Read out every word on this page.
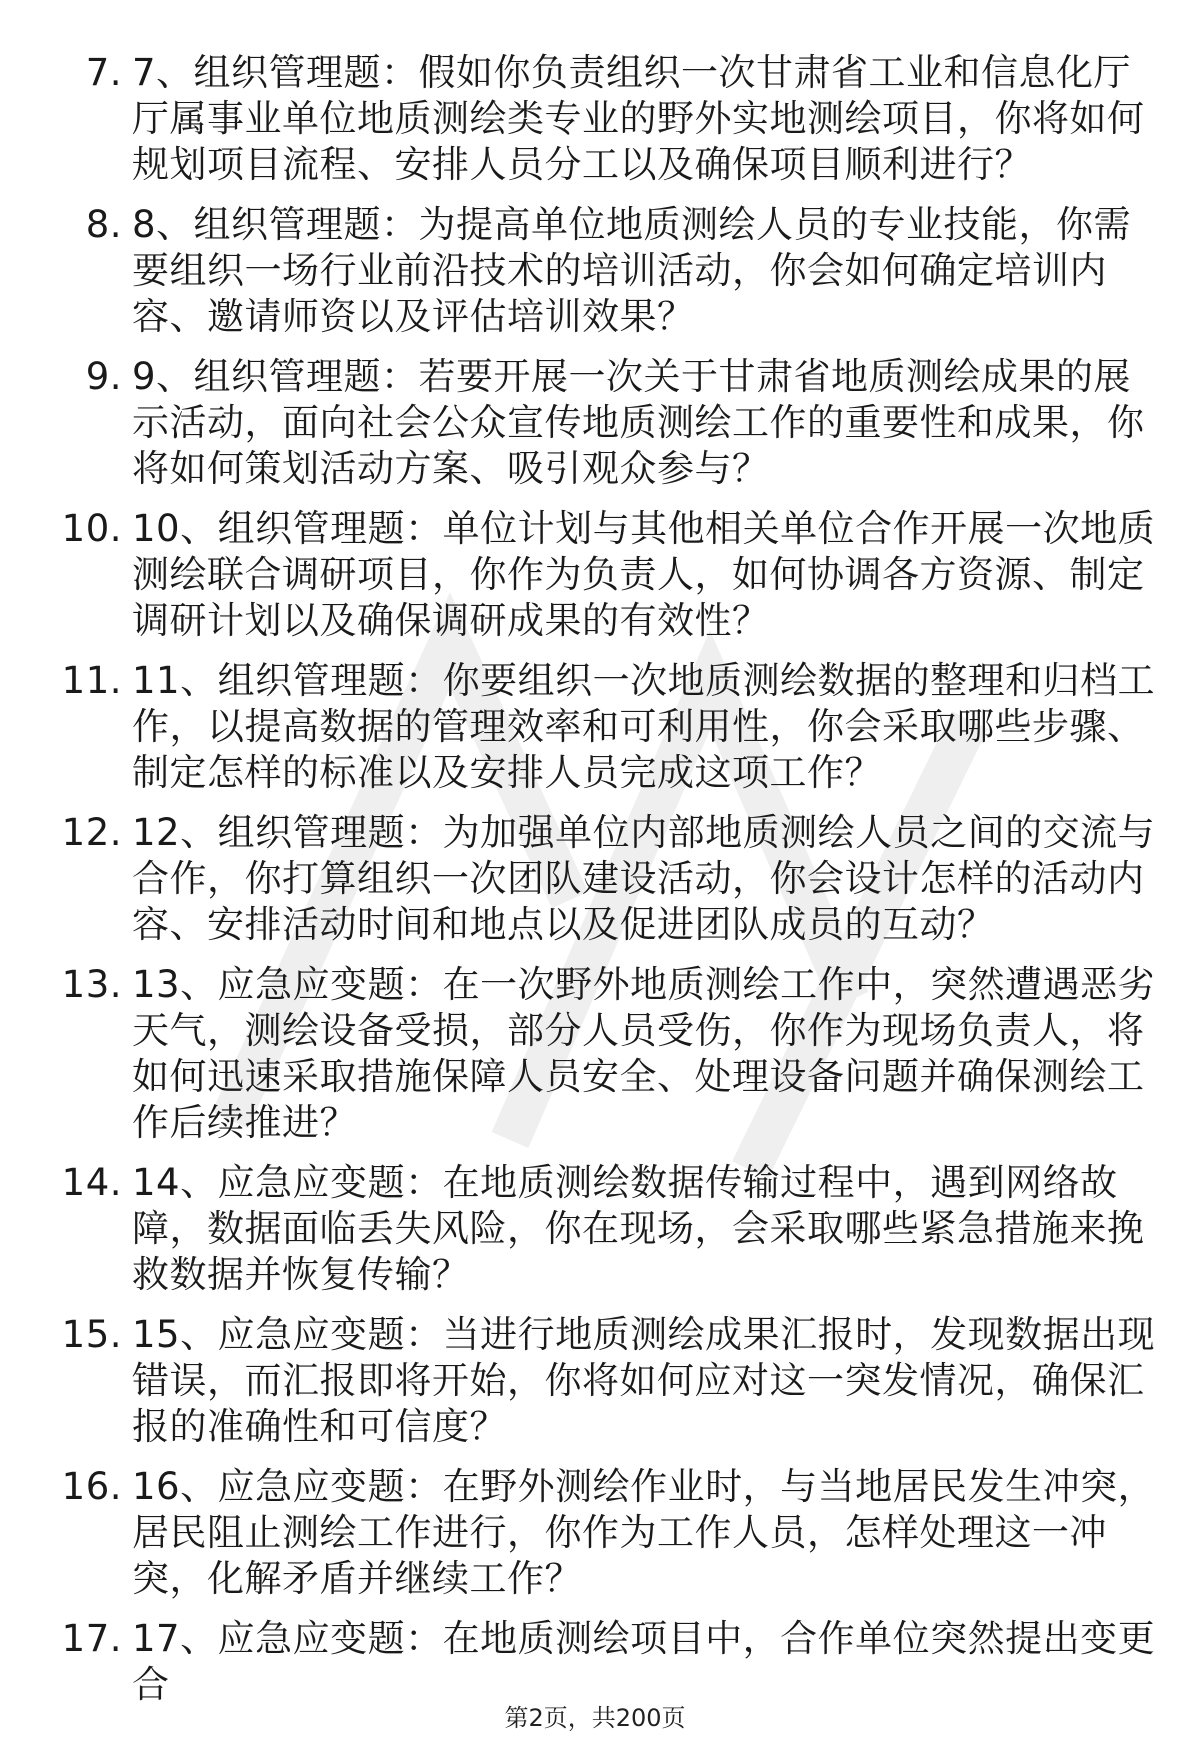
7. 7、组织管理题：假如你负责组织一次甘肃省工业和信息化厅厅属事业单位地质测绘类专业的野外实地测绘项目，你将如何规划项目流程、安排人员分工以及确保项目顺利进行？
8. 8、组织管理题：为提高单位地质测绘人员的专业技能，你需要组织一场行业前沿技术的培训活动，你会如何确定培训内容、邀请师资以及评估培训效果？
9. 9、组织管理题：若要开展一次关于甘肃省地质测绘成果的展示活动，面向社会公众宣传地质测绘工作的重要性和成果，你将如何策划活动方案、吸引观众参与？
10. 10、组织管理题：单位计划与其他相关单位合作开展一次地质测绘联合调研项目，你作为负责人，如何协调各方资源、制定调研计划以及确保调研成果的有效性？
11. 11、组织管理题：你要组织一次地质测绘数据的整理和归档工作，以提高数据的管理效率和可利用性，你会采取哪些步骤、制定怎样的标准以及安排人员完成这项工作？
12. 12、组织管理题：为加强单位内部地质测绘人员之间的交流与合作，你打算组织一次团队建设活动，你会设计怎样的活动内容、安排活动时间和地点以及促进团队成员的互动？
13. 13、应急应变题：在一次野外地质测绘工作中，突然遭遇恶劣天气，测绘设备受损，部分人员受伤，你作为现场负责人，将如何迅速采取措施保障人员安全、处理设备问题并确保测绘工作后续推进？
14. 14、应急应变题：在地质测绘数据传输过程中，遇到网络故障，数据面临丢失风险，你在现场，会采取哪些紧急措施来挽救数据并恢复传输？
15. 15、应急应变题：当进行地质测绘成果汇报时，发现数据出现错误，而汇报即将开始，你将如何应对这一突发情况，确保汇报的准确性和可信度？
16. 16、应急应变题：在野外测绘作业时，与当地居民发生冲突，居民阻止测绘工作进行，你作为工作人员，怎样处理这一冲突，化解矛盾并继续工作？
17. 17、应急应变题：在地质测绘项目中，合作单位突然提出变更合
第2页，共200页
